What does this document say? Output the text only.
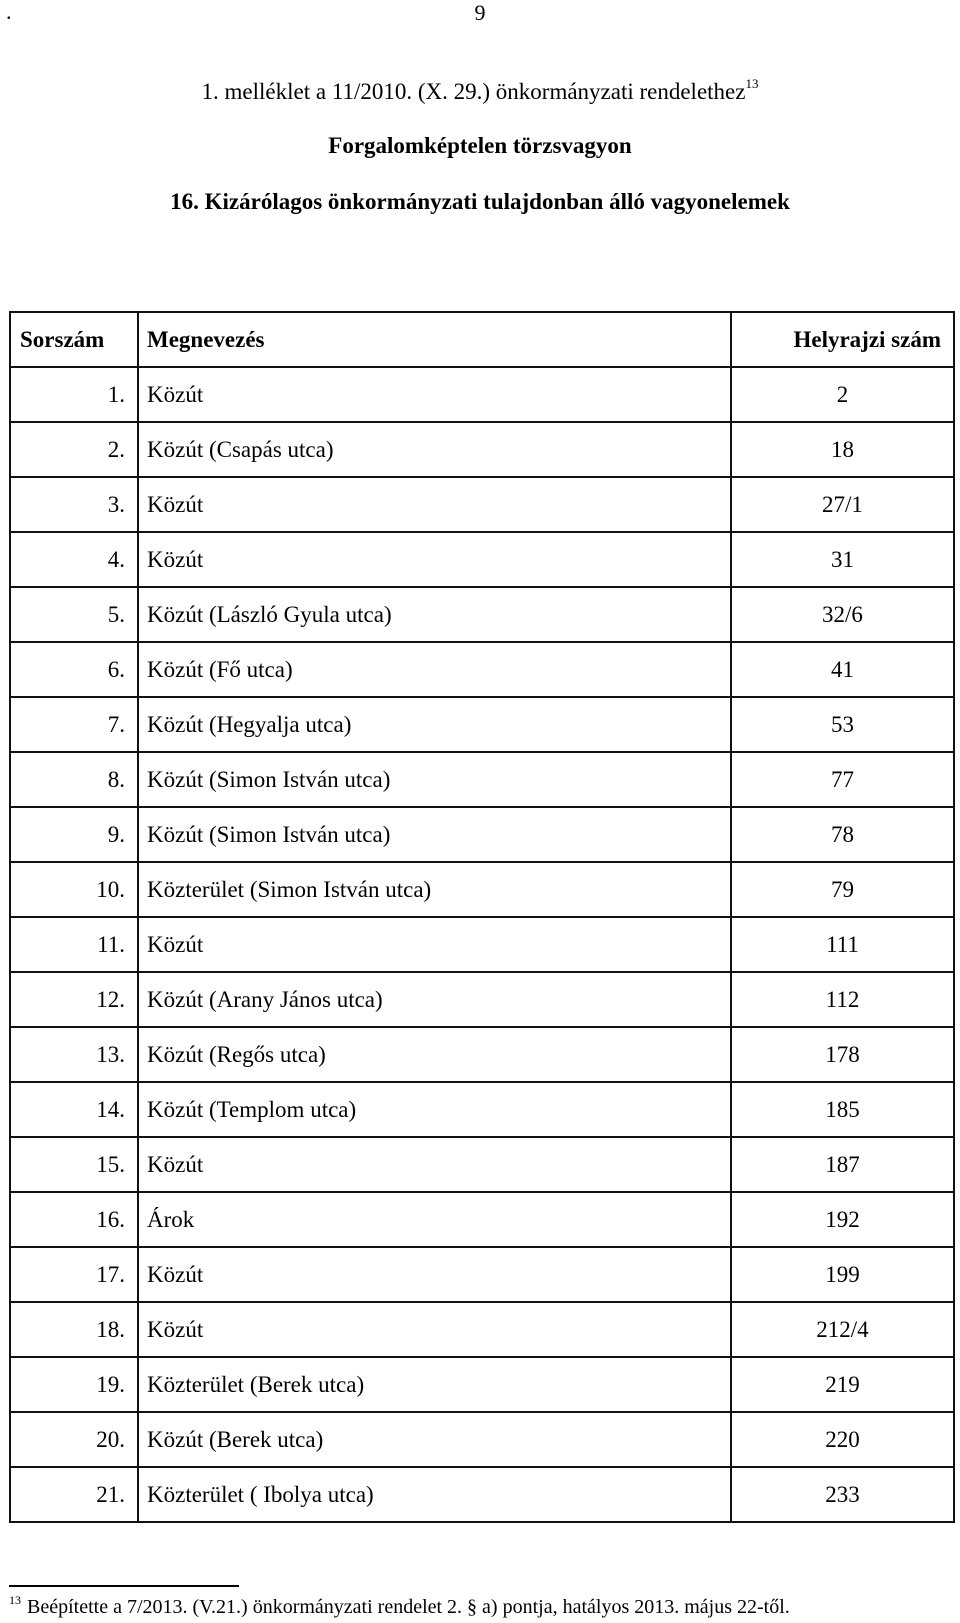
.	9
1. melléklet a 11/2010. (X. 29.) önkormányzati rendelethez$^{13}$
Forgalomképtelen törzsvagyon
16. Kizárólagos önkormányzati tulajdonban álló vagyonelemek
Sorszám	Megnevezés	Helyrajzi szám
1.	Közút	2
2.	Közút (Csapás utca)	18
3.	Közút	27/1
4.	Közút	31
5.	Közút (László Gyula utca)	32/6
6.	Közút (Fő utca)	41
7.	Közút (Hegyalja utca)	53
8.	Közút (Simon István utca)	77
9.	Közút (Simon István utca)	78
10.	Közterület (Simon István utca)	79
11.	Közút	111
12.	Közút (Arany János utca)	112
13.	Közút (Regős utca)	178
14.	Közút (Templom utca)	185
15.	Közút	187
16.	Árok	192
17.	Közút	199
18.	Közút	212/4
19.	Közterület (Berek utca)	219
20.	Közút (Berek utca)	220
21.	Közterület ( Ibolya utca)	233
$^{13}$ Beépítette a 7/2013. (V.21.) önkormányzati rendelet 2. § a) pontja, hatályos 2013. május 22-től.
